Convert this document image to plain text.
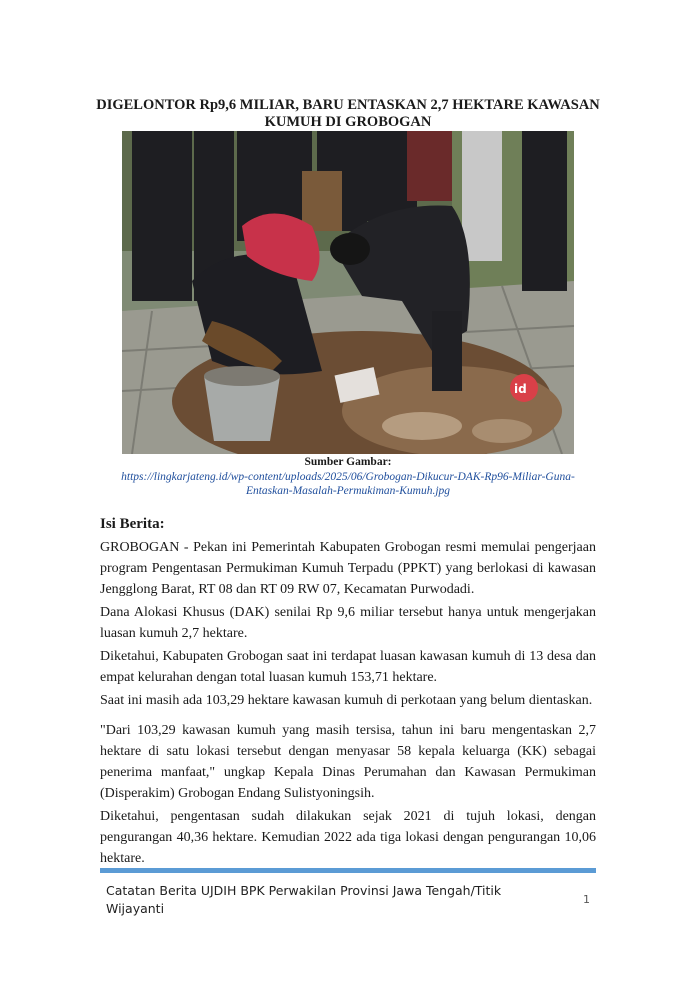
DIGELONTOR Rp9,6 MILIAR, BARU ENTASKAN 2,7 HEKTARE KAWASAN KUMUH DI GROBOGAN
id
Sumber Gambar:
https://lingkarjateng.id/wp-content/uploads/2025/06/Grobogan-Dikucur-DAK-Rp96-Miliar-Guna-Entaskan-Masalah-Permukiman-Kumuh.jpg
Isi Berita:

GROBOGAN - Pekan ini Pemerintah Kabupaten Grobogan resmi memulai pengerjaan program Pengentasan Permukiman Kumuh Terpadu (PPKT) yang berlokasi di kawasan Jengglong Barat, RT 08 dan RT 09 RW 07, Kecamatan Purwodadi.

Dana Alokasi Khusus (DAK) senilai Rp 9,6 miliar tersebut hanya untuk mengerjakan luasan kumuh 2,7 hektare.

Diketahui, Kabupaten Grobogan saat ini terdapat luasan kawasan kumuh di 13 desa dan empat kelurahan dengan total luasan kumuh 153,71 hektare.

Saat ini masih ada 103,29 hektare kawasan kumuh di perkotaan yang belum dientaskan.

"Dari 103,29 kawasan kumuh yang masih tersisa, tahun ini baru mengentaskan 2,7 hektare di satu lokasi tersebut dengan menyasar 58 kepala keluarga (KK) sebagai penerima manfaat," ungkap Kepala Dinas Perumahan dan Kawasan Permukiman (Disperakim) Grobogan Endang Sulistyoningsih.

Diketahui, pengentasan sudah dilakukan sejak 2021 di tujuh lokasi, dengan pengurangan 40,36 hektare. Kemudian 2022 ada tiga lokasi dengan pengurangan 10,06 hektare.

Catatan Berita UJDIH BPK Perwakilan Provinsi Jawa Tengah/Titik Wijayanti
1
